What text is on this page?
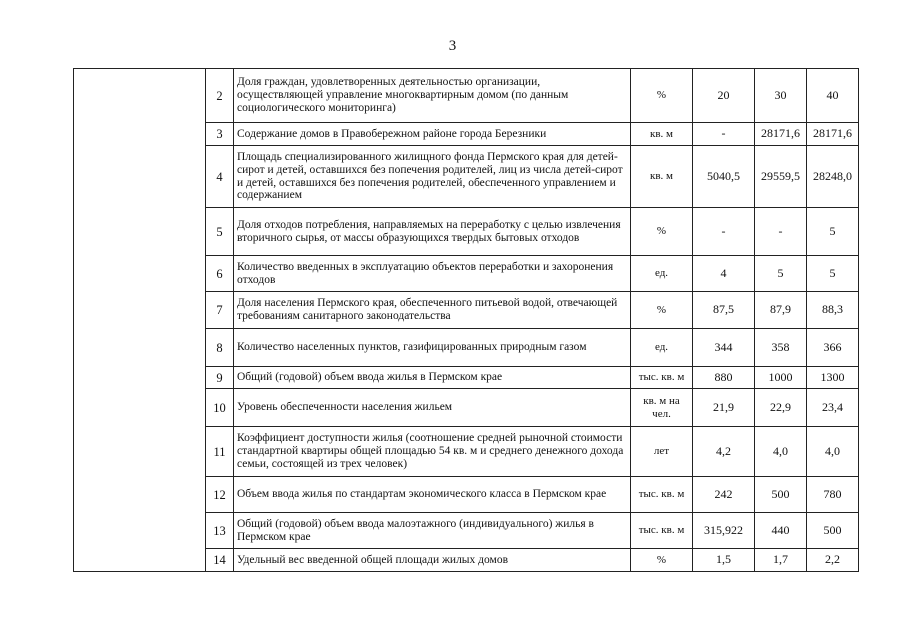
3
	2	Доля граждан, удовлетворенных деятельностью организации, осуществляющей управление многоквартирным домом (по данным социологического мониторинга)	%	20	30	40
	3	Содержание домов в Правобережном районе города Березники	кв. м	-	28171,6	28171,6
	4	Площадь специализированного жилищного фонда Пермского края для детей-сирот и детей, оставшихся без попечения родителей, лиц из числа детей-сирот и детей, оставшихся без попечения родителей, обеспеченного управлением и содержанием	кв. м	5040,5	29559,5	28248,0
	5	Доля отходов потребления, направляемых на переработку с целью извлечения вторичного сырья, от массы образующихся твердых бытовых отходов	%	-	-	5
	6	Количество введенных в эксплуатацию объектов переработки и захоронения отходов	ед.	4	5	5
	7	Доля населения Пермского края, обеспеченного питьевой водой, отвечающей требованиям санитарного законодательства	%	87,5	87,9	88,3
	8	Количество населенных пунктов, газифицированных природным газом	ед.	344	358	366
	9	Общий (годовой) объем ввода жилья в Пермском крае	тыс. кв. м	880	1000	1300
	10	Уровень обеспеченности населения жильем	кв. м на чел.	21,9	22,9	23,4
	11	Коэффициент доступности жилья (соотношение средней рыночной стоимости стандартной квартиры общей площадью 54 кв. м и среднего денежного дохода семьи, состоящей из трех человек)	лет	4,2	4,0	4,0
	12	Объем ввода жилья по стандартам экономического класса в Пермском крае	тыс. кв. м	242	500	780
	13	Общий (годовой) объем ввода малоэтажного (индивидуального) жилья в Пермском крае	тыс. кв. м	315,922	440	500
	14	Удельный вес введенной общей площади жилых домов	%	1,5	1,7	2,2
